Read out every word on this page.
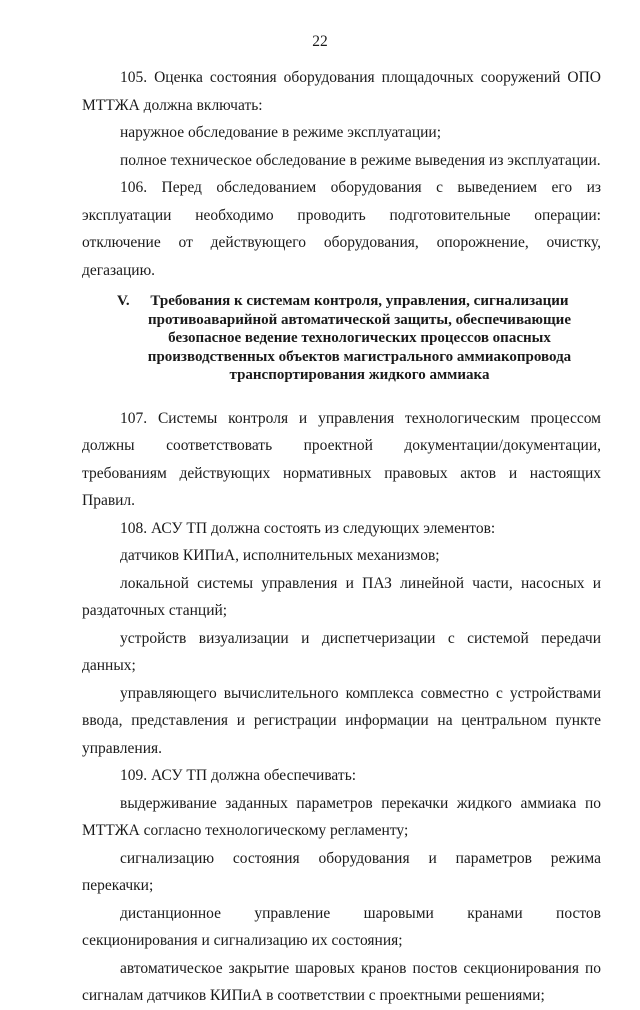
22

105. Оценка состояния оборудования площадочных сооружений ОПО МТТЖА должна включать:

наружное обследование в режиме эксплуатации;

полное техническое обследование в режиме выведения из эксплуатации.

106. Перед обследованием оборудования с выведением его из эксплуатации необходимо проводить подготовительные операции: отключение от действующего оборудования, опорожнение, очистку, дегазацию.

V.	Требования к системам контроля, управления, сигнализации противоаварийной автоматической защиты, обеспечивающие безопасное ведение технологических процессов опасных производственных объектов магистрального аммиакопровода транспортирования жидкого аммиака

107. Системы контроля и управления технологическим процессом должны соответствовать проектной документации/документации, требованиям действующих нормативных правовых актов и настоящих Правил.

108. АСУ ТП должна состоять из следующих элементов:

датчиков КИПиА, исполнительных механизмов;

локальной системы управления и ПАЗ линейной части, насосных и раздаточных станций;

устройств визуализации и диспетчеризации с системой передачи данных;

управляющего вычислительного комплекса совместно с устройствами ввода, представления и регистрации информации на центральном пункте управления.

109. АСУ ТП должна обеспечивать:

выдерживание заданных параметров перекачки жидкого аммиака по МТТЖА согласно технологическому регламенту;

сигнализацию состояния оборудования и параметров режима перекачки;

дистанционное управление шаровыми кранами постов секционирования и сигнализацию их состояния;

автоматическое закрытие шаровых кранов постов секционирования по сигналам датчиков КИПиА в соответствии с проектными решениями;
